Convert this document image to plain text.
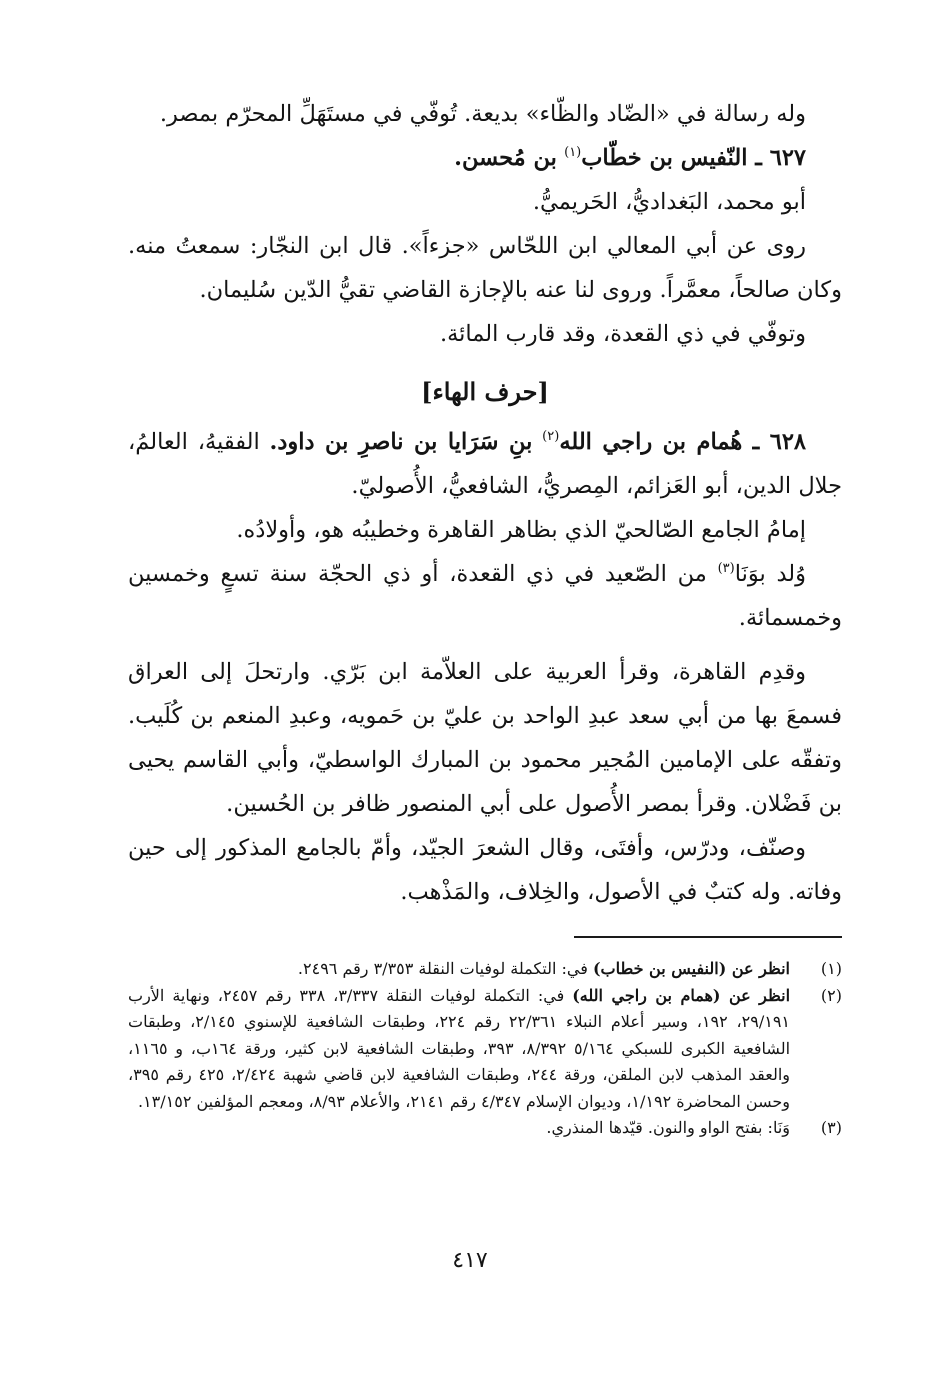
وله رسالة في «الضّاد والظّاء» بديعة. تُوفّي في مستَهَلِّ المحرّم بمصر.

٦٢٧ ـ النّفيس بن خطّاب$^{(١)}$ بن مُحسن.

أبو محمد، البَغداديُّ، الحَريميُّ.

روى عن أبي المعالي ابن اللحّاس «جزءاً». قال ابن النجّار: سمعتُ منه. وكان صالحاً، معمَّراً. وروى لنا عنه بالإجازة القاضي تقيُّ الدّين سُليمان.

وتوفّي في ذي القعدة، وقد قارب المائة.

[حرف الهاء]

٦٢٨ ـ هُمام بن راجي الله$^{(٢)}$ بنِ سَرَايا بن ناصرِ بن داود. الفقيهُ، العالمُ، جلال الدين، أبو العَزائم، المِصريُّ، الشافعيُّ، الأُصوليّ.

إمامُ الجامع الصّالحيّ الذي بظاهر القاهرة وخطيبُه هو، وأولادُه.

وُلد بوَنَا$^{(٣)}$ من الصّعيد في ذي القعدة، أو ذي الحجّة سنة تسعٍ وخمسين وخمسمائة.

وقدِم القاهرة، وقرأ العربية على العلاّمة ابن بَرّي. وارتحلَ إلى العراق فسمعَ بها من أبي سعد عبدِ الواحد بن عليّ بن حَمويه، وعبدِ المنعم بن كُلَيب. وتفقّه على الإمامين المُجير محمود بن المبارك الواسطيّ، وأبي القاسم يحيى بن فَضْلان. وقرأ بمصر الأُصول على أبي المنصور ظافر بن الحُسين.

وصنّف، ودرّس، وأفتَى، وقال الشعرَ الجيّد، وأمّ بالجامع المذكور إلى حين وفاته. وله كتبٌ في الأصول، والخِلاف، والمَذْهب.

(١)
انظر عن (النفيس بن خطاب) في: التكملة لوفيات النقلة ٣/٣٥٣ رقم ٢٤٩٦.
(٢)
انظر عن (همام بن راجي الله) في: التكملة لوفيات النقلة ٣/٣٣٧، ٣٣٨ رقم ٢٤٥٧، ونهاية الأرب ٢٩/١٩١، ١٩٢، وسير أعلام النبلاء ٢٢/٣٦١ رقم ٢٢٤، وطبقات الشافعية للإسنوي ٢/١٤٥، وطبقات الشافعية الكبرى للسبكي ٥/١٦٤ ٨/٣٩٢، ٣٩٣، وطبقات الشافعية لابن كثير، ورقة ١٦٤ب، و ١١٦٥، والعقد المذهب لابن الملقن، ورقة ٢٤٤، وطبقات الشافعية لابن قاضي شهبة ٢/٤٢٤، ٤٢٥ رقم ٣٩٥، وحسن المحاضرة ١/١٩٢، وديوان الإسلام ٤/٣٤٧ رقم ٢١٤١، والأعلام ٨/٩٣، ومعجم المؤلفين ١٣/١٥٢.
(٣)
وَنَا: بفتح الواو والنون. قيّدها المنذري.
٤١٧
